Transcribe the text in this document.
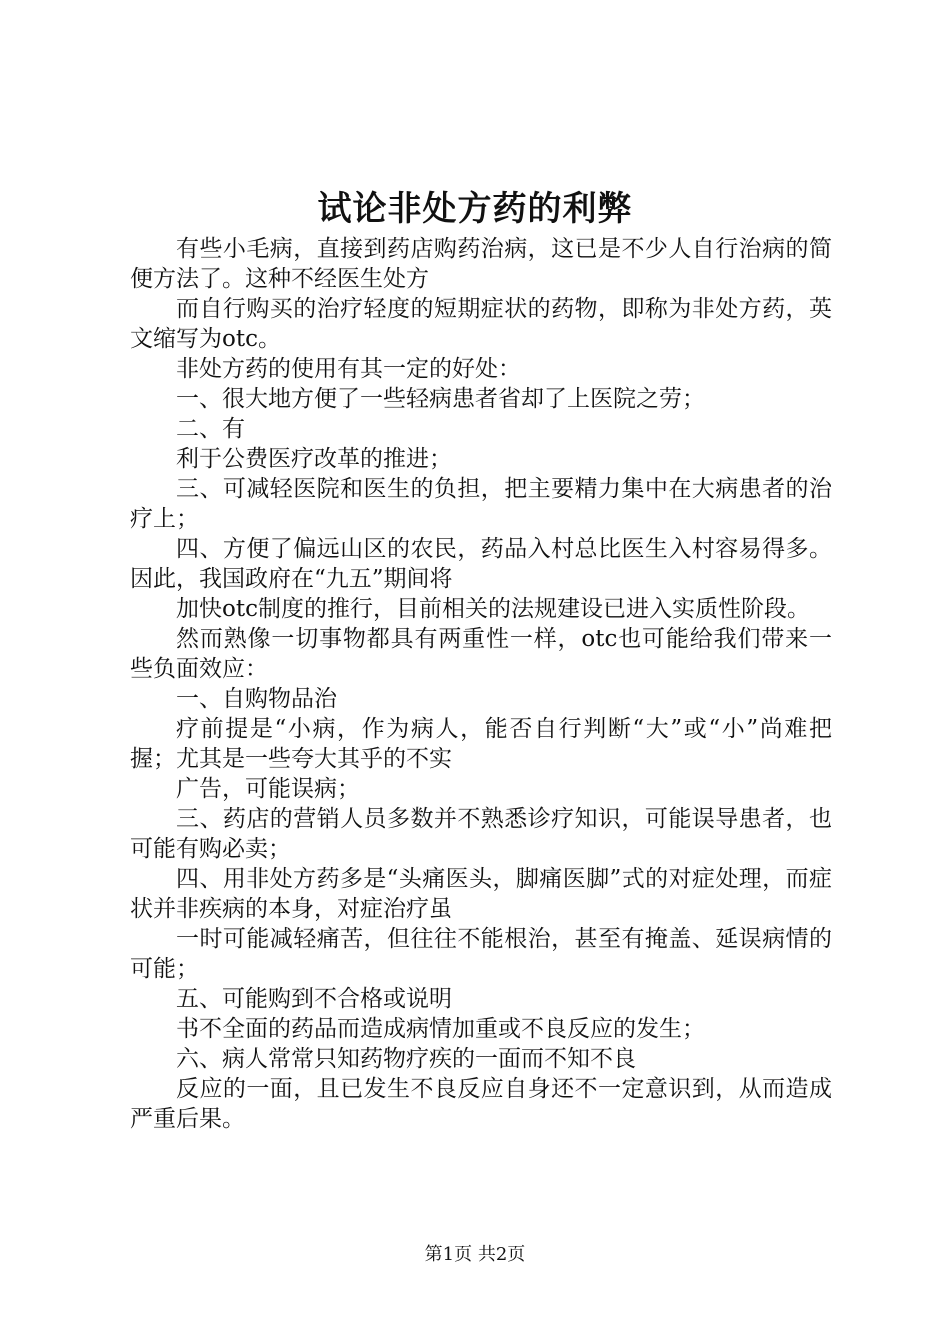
试论非处方药的利弊

有些小毛病，直接到药店购药治病，这已是不少人自行治病的简便方法了。这种不经医生处方

而自行购买的治疗轻度的短期症状的药物，即称为非处方药，英文缩写为otc。

非处方药的使用有其一定的好处：

一、很大地方便了一些轻病患者省却了上医院之劳；

二、有

利于公费医疗改革的推进；

三、可减轻医院和医生的负担，把主要精力集中在大病患者的治疗上；

四、方便了偏远山区的农民，药品入村总比医生入村容易得多。因此，我国政府在“九五”期间将

加快otc制度的推行，目前相关的法规建设已进入实质性阶段。

然而熟像一切事物都具有两重性一样，otc也可能给我们带来一些负面效应：

一、自购物品治

疗前提是“小病，作为病人，能否自行判断“大”或“小”尚难把握；尤其是一些夸大其乎的不实

广告，可能误病；

三、药店的营销人员多数并不熟悉诊疗知识，可能误导患者，也可能有购必卖；

四、用非处方药多是“头痛医头，脚痛医脚”式的对症处理，而症状并非疾病的本身，对症治疗虽

一时可能减轻痛苦，但往往不能根治，甚至有掩盖、延误病情的可能；

五、可能购到不合格或说明

书不全面的药品而造成病情加重或不良反应的发生；

六、病人常常只知药物疗疾的一面而不知不良

反应的一面，且已发生不良反应自身还不一定意识到，从而造成严重后果。

第1页 共2页
